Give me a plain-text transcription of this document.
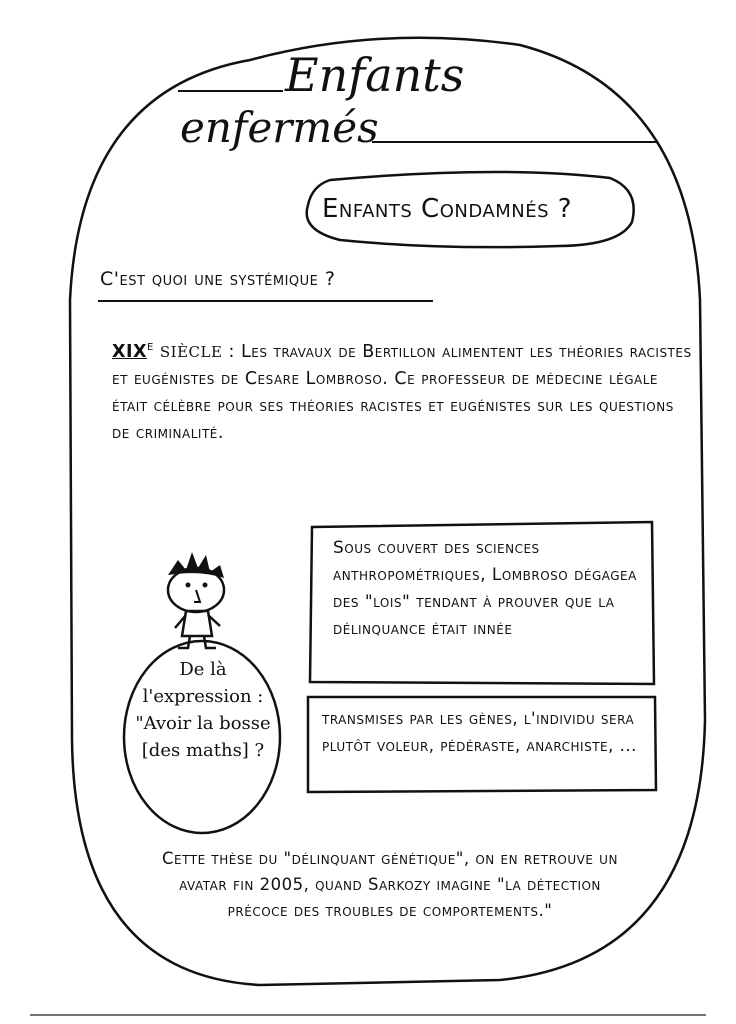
Enfants
enfermés
Enfants Condamnés ?
C'est quoi une systémique ?
XIXe siècle : Les travaux de Bertillon alimentent les théories racistes et eugénistes de Cesare Lombroso. Ce professeur de médecine légale était célèbre pour ses théories racistes et eugénistes sur les questions de criminalité.
Sous couvert des sciences anthropométriques, Lombroso dégagea des "lois" tendant à prouver que la délinquance était innée
transmises par les gènes, l'individu sera plutôt voleur, pédéraste, anarchiste, ...
De là l'expression : "Avoir la bosse [des maths] ?
Cette thèse du "délinquant génétique", on en retrouve un avatar fin 2005, quand Sarkozy imagine "la détection précoce des troubles de comportements."
